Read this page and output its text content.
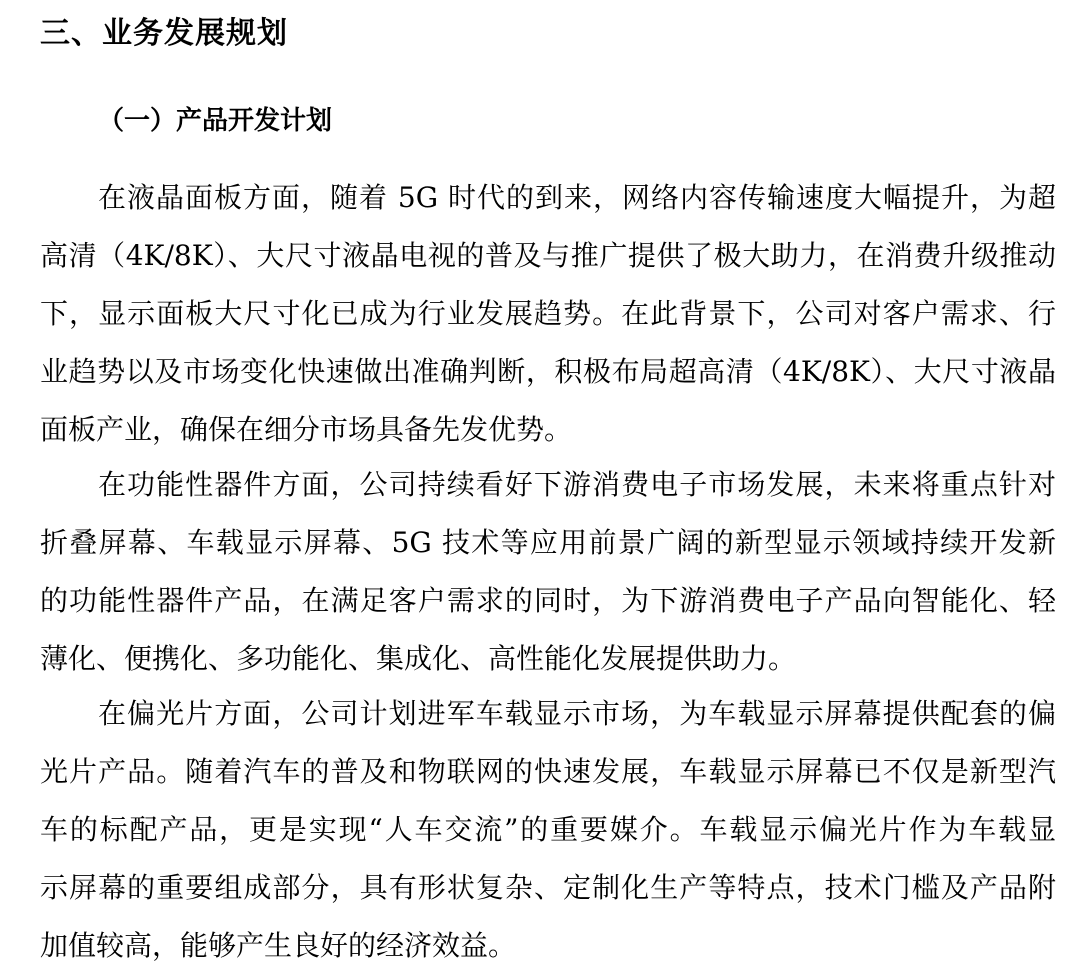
三、业务发展规划
（一）产品开发计划
在液晶面板方面，随着 5G 时代的到来，网络内容传输速度大幅提升，为超
高清（4K/8K）、大尺寸液晶电视的普及与推广提供了极大助力，在消费升级推动
下，显示面板大尺寸化已成为行业发展趋势。在此背景下，公司对客户需求、行
业趋势以及市场变化快速做出准确判断，积极布局超高清（4K/8K）、大尺寸液晶
面板产业，确保在细分市场具备先发优势。
在功能性器件方面，公司持续看好下游消费电子市场发展，未来将重点针对
折叠屏幕、车载显示屏幕、5G 技术等应用前景广阔的新型显示领域持续开发新
的功能性器件产品，在满足客户需求的同时，为下游消费电子产品向智能化、轻
薄化、便携化、多功能化、集成化、高性能化发展提供助力。
在偏光片方面，公司计划进军车载显示市场，为车载显示屏幕提供配套的偏
光片产品。随着汽车的普及和物联网的快速发展，车载显示屏幕已不仅是新型汽
车的标配产品，更是实现“人车交流”的重要媒介。车载显示偏光片作为车载显
示屏幕的重要组成部分，具有形状复杂、定制化生产等特点，技术门槛及产品附
加值较高，能够产生良好的经济效益。
